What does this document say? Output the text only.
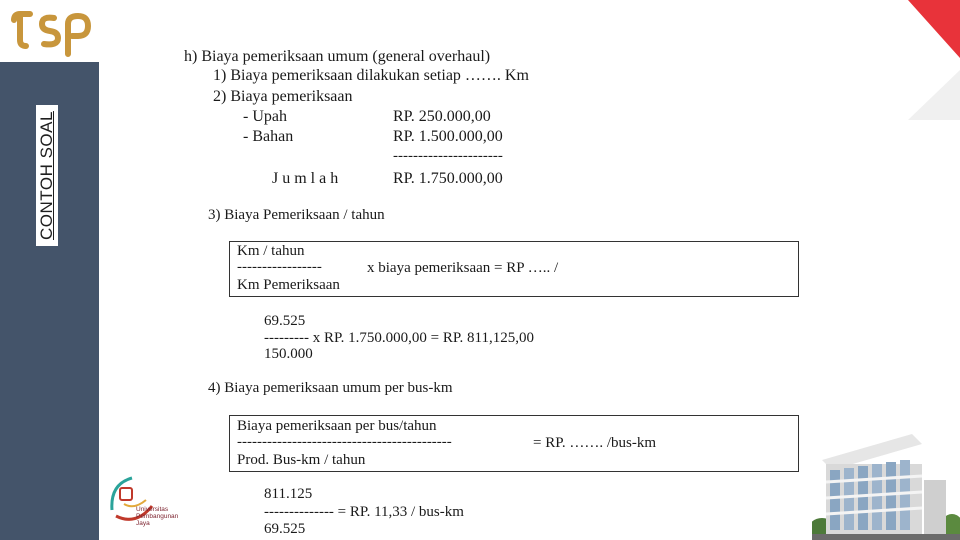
CONTOH SOAL
Universitas
Pembangunan
Jaya
h) Biaya pemeriksaan umum (general overhaul)
1) Biaya pemeriksaan dilakukan setiap ……. Km
2) Biaya pemeriksaan
- Upah	RP. 250.000,00
- Bahan	RP. 1.500.000,00
----------------------
J u m l a h	RP. 1.750.000,00
3) Biaya Pemeriksaan / tahun
Km / tahun
-----------------	x biaya pemeriksaan = RP ….. /
Km Pemeriksaan
69.525
--------- x RP. 1.750.000,00 = RP. 811,125,00
150.000
4) Biaya pemeriksaan umum per bus-km
Biaya pemeriksaan per bus/tahun
-------------------------------------------	= RP. ……. /bus-km
Prod. Bus-km / tahun
811.125
-------------- = RP. 11,33 / bus-km
69.525
